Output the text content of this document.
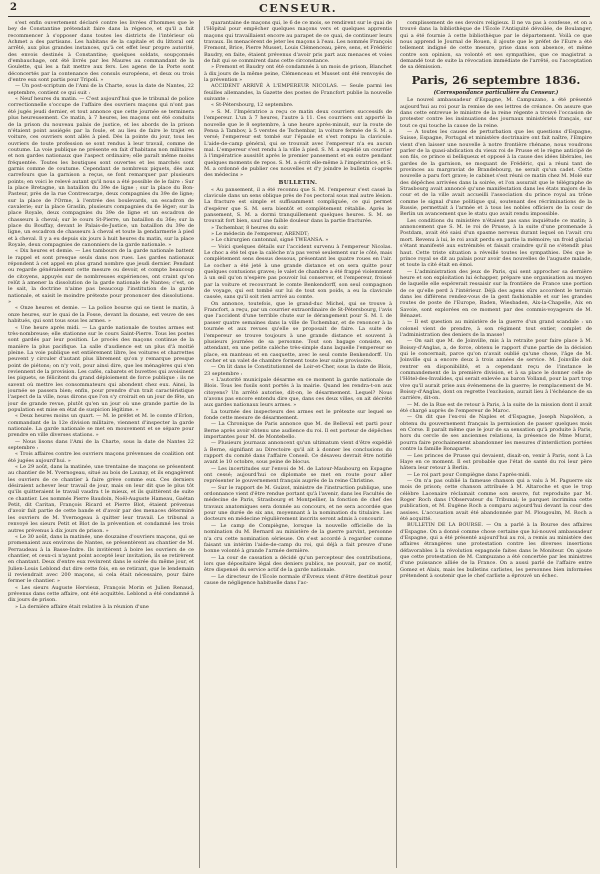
2	CENSEUR.

s'est enfin ouvertement déclaré contre les livrées d'hommes que le bey de Constantine prétendait faire dans la régence, et qu'il a fait recommencer à s'opposer dans toutes les districts de l'intérieur où Achmet a des partisans. Les habitans de la capitale et du littoral ont arrêté, aux plus grandes instances, qu'à cet effet leur propre autorité, des envois destinés à Constantine; quelques soldats, soupçonnés d'embauchage, ont été livrés par les Maures au commandant de la Goulette, qui les a fait mettre aux fers. Les agens de la Porte sont déconcertés par la contenance des consuls européens, et deux ou trois d'entre eux sont partis pour Tripoli. »

— Un post-scriptum de l'Ami de la Charte, sous la date de Nantes, 22 septembre, contient ce qui suit :

« Neuf heures du matin. — C'est aujourd'hui que le tribunal de police correctionnelle s'occupe de l'affaire des ouvriers maçons qui n'ont pas été jugés jeudi dernier, et tout annonce que cette journée se terminera plus heureusement. Ce matin, à 7 heures, les maçons ont été conduits de la prison du nouveau palais de justice, et les abords de la prison n'étaient point assiégés par la foule, et au lieu de faire le trajet en voiture, ces ouvriers sont allés à pied. Dès la pointe du jour, tous les ouvriers de toute profession se sont rendus à leur travail, comme de coutume. La voie publique ne présente en fait d'habitans non militaires et non gardes nationaux que l'aspect ordinaire; elle paraît même moins fréquentée. Toutes les boutiques sont ouvertes et les marchés sont garnis comme de coutume. Cependant de nombreux piquets, dès aux carrefours que la garnison a reçus, se font remarquer par plusieurs points; en voici le relevé autant qu'il nous a été possible de le faire : Sur la place Bretagne, un bataillon du 39e de ligne ; sur la place du Bon-Pasteur, près de la rue Contrescarpe, deux compagnies du 39e de ligne; sur la place de l'Orme, à l'entrée des boulevards, un escadron de cavalerie; sur la place Graslin, plusieurs compagnies du 6e léger; sur la place Royale, deux compagnies du 39e de ligne et un escadron de chasseurs à cheval; sur le cours St-Pierre, un bataillon du 36e; sur la place du Bouffay, devant le Palais-de-Justice, un bataillon du 39e de ligne, un escadron de chasseurs à cheval et toute la gendarmerie à pied et à cheval. Il y a eu depuis six jours à huit heures du matin, sur la place Royale, deux compagnies de canonniers de la garde nationale. »

« Dix heures et demie. — Les tambours de la garde nationale battent le rappel et sont presque seuls dans nos rues. Les gardes nationaux répondent à cet appel en plus grand nombre que jeudi dernier. Pendant ou regarde généralement cette mesure ou devoir, et compte beaucoup de citoyens, appuyés sur de nombreuses expériences, ont craint qu'on relût à amener la dissolution de la garde nationale de Nantes; c'est, on le sait, la doctrine n'aime pas beaucoup l'institution de la garde nationale, et saisit le moindre prétexte pour prononcer des dissolutions. »

« Onze heures et demie. — La police bourse qui se tient le matin, à onze heures, sur le quai de la Fosse, devant la douane, est veuve de ses habitués, qui sont tous sous les armes. »

« Une heure après midi. — La garde nationale de toutes armes est très-nombreuse; elle stationne sur le cours Saint-Pierre. Tous les postes sont gardés par leur position. Le procès des maçons continue de la manière la plus pacifique. La salle d'audience est un plus d'à moitié pleine. La voie publique est entièrement libre, les voitures et charrettes peuvent y circuler d'autant plus librement qu'on y remarque presque point de piétons; on n'y voit, pour ainsi dire, que les ménagères qui s'en reviennent de la provision. Les cafés, cabarets et buvettes qui avoisinent les piquets, se félicitent du grand déploiement de force publique : ils ne savent où mettre les consommateurs qui abondent chez eux. Ainsi, la journée se passera bien; enfin, pour prendre d'un trait caractéristique l'aspect de la ville, nous dirons que l'on s'y croirait en un jour de fête, un jour de grande revue, plutôt qu'en un jour où une grande partie de la population est mise en état de suspicion légitime. »

« Deux heures moins un quart. — M. le préfet et M. le comte d'Erlon, commandant de la 12e division militaire, viennent d'inspecter la garde nationale. La garde nationale se met en mouvement et se sépare pour prendre en ville diverses stations. »

— Nous lisons dans l'Ami de la Charte, sous la date de Nantes 22 septembre :

« Trois affaires contre les ouvriers maçons prévenues de coalition ont été jugées aujourd'hui. »

« Le 29 août, dans la matinée, une trentaine de maçons se présentent au chantier de M. Yvernogeau, situé au bois de Launay, et ils engagèrent les ouvriers de ce chantier à faire grève comme eux. Ces derniers désiraient achever leur travail de jour, mais on leur dit que le plus tôt qu'ils quitteraient le travail vaudra t le mieux, et ils quittèrent de suite ce chantier. Les nommés Pierre Baudoin, Noël-Auguste Hameau, Gaétan Petit, dit Caritan, François Ricard et Pierre Blot, étaient prévenus d'avoir fait partie de cette bande et d'avoir par des menaces déterminé les ouvriers de M. Yvernogeau à quitter leur travail. Le tribunal a renvoyé les sieurs Petit et Blot de la prévention et condamné les trois autres prévenus à dix jours de prison. »

« Le 30 août, dans la matinée, une douzaine d'ouvriers maçons, qui se promenaient aux environs de Nantes, se présentèrent au chantier de M. Perraudeau à la Basse-Indre. Ils invitèrent à boire les ouvriers de ce chantier, et ceux-ci n'ayant point accepté leur invitation, ils se retirèrent en chantant. Deux d'entre eux revinrent dans le soirée du même jour, et Julien-Louis Leblond dut dire cette fois, en se retirant, que le lendemain il reviendrait avec 200 maçons, si cela était nécessaire, pour faire fermer le chantier. »

« Les sieurs Auguste Hervieux, François Morin et Julien Renaud, prévenus dans cette affaire, ont été acquittés. Leblond a été condamné à dix jours de prison.

» La dernière affaire était relative à la réunion d'une

quarantaine de maçons qui, le 6 de ce mois, se rendirent sur le quai de l'Hôpital pour empêcher quelques maçons vers et quelques apprentis maçons qui travaillaient encore au parapet de ce quai, de continuer leurs travaux. Ils menacèrent de jeter les maçons à l'eau. Les nommés François Fremont, Brice, Pierre Musset, Louis Clémenceau, père, sens, et Frédéric Baudry, en faite, étaient prévenus d'avoir pris part aux menaces et voies de fait qui se commirent dans cette circonstance.

» Fremont et Baudry ont été condamnés à un mois de prison, Blanchet à dix jours de la même peine, Clémenceau et Musset ont été renvoyés de la prévention »

ACCIDENT ARRIVÉ À L'EMPEREUR NICOLAS. — Seule parmi les feuilles allemandes, la Gazette des postes de Francfort publie la nouvelle suivante :

« St-Pétersbourg, 12 septembre.

» S. M. l'Impératrice a reçu ce matin deux courriers successifs de l'empereur. L'un à 7 heures, l'autre à 11. Ces courriers ont apporté la nouvelle que le 8 septembre, à une heure après-minuit, sur la route de Pensa à Tambov, à 5 verstes de Tschembar, la voiture fermée de S. M. a versé; l'empereur est tombé sur l'épaule et s'est rompu la clavicule. L'aide-de-camp général, qui se trouvait avec l'empereur n'a eu aucun mal. L'empereur s'est rendu à la ville à pied. S. M. a expédié un courrier à l'impératrice aussitôt après le premier pansement et en outre pendant quelques moments de repos. S. M. a écrit elle-même à l'impératrice, et S. M. a ordonné de publier ces nouvelles et d'y joindre le bulletin ci-après des médecins »

BULLETIN.

« Au pansement, il a été reconnu que S. M. l'empereur s'est cassé la clavicule dans un sens oblique près de l'os pectoral sous mal autre lésion. La fracture est simple et suffisamment compliquée, ce qui permet d'espérer que S. M. sera bientôt et complètement rétablie. Après le pansement, S. M. a dormi tranquillement quelques heures. S. M. se trouvait fort bien, sauf une faible douleur dans la partie fracturée.

» Tschembar, 8 heures du soir.

» Le médecin de l'empereur, ARENDT;

» Le chirurgien cantonnal, signé TWEANSA. »

— Voici quelques détails sur l'accident survenu à l'empereur Nicolas. Le choc a été tel que la calèche n'a pas versé seulement sur le côté, mais complètement sens dessus dessous, présentant les quatre roues en l'air. Le cocher a été jeté à une grande distance et on sera quitte pour quelques contusions graves; le valet de chambre a été frappé violemment à un œil qu'on n'espère pas pouvoir lui conserver, et l'empereur, froissé par la voiture et recouvrant le comte Benkendorff, son seul compagnon de voyage, qui est tombé sur lui de tout son poids, a eu la clavicule cassée, sans qu'il soit rien arrivé au comte.

On annonce, toutefois, que le grand-duc Michel, qui se trouve à Francfort, a reçu, par un courrier extraordinaire de St-Pétersbourg, l'avis que l'accident d'une terrible chute sur le dérangement pour S. M. I. de passer quatre semaines dans la ville de Tschembar, et de renoncer à la tournée et aux revues qu'elle se proposait de faire. La suite de l'empereur se trouve toujours à une grande distance et souvent à plusieurs journées de sa personne. Tout son bagage consiste, en attendant, en une petite calèche très-simple dans laquelle l'empereur se place, en manteau et en casquette, avec le seul comte Benkendorff. Un cocher et un valet de chambre forment toute leur suite provisoire.

— On lit dans le Constitutionnel de Loir-et-Cher, sous la date de Blois, 23 septembre :

« L'autorité municipale désarme en ce moment la garde nationale de Blois. Tous les fusils sont portés à la mairie. Quand les rendra-t-on aux citoyens? Un arrêté autorise, dit-on, le désarmement. Lequel? Nous n'avons pas encore entendu dire que, dans ces deux villes, on ait décrété aux gardes nationaux leurs armes. »

La tournée des inspecteurs des armes est le prétexte sur lequel se fonde cette mesure de désarmement.

— La Chronique de Paris annonce que M. de Bellevaï est parti pour Berne après avoir obtenu une audience du roi. Il est porteur de dépêches importantes pour M. de Montebello.

— Plusieurs journaux annoncent qu'un ultimatum vient d'être expédié à Berne, signifiant au Directoire qu'il ait à donner les conclusions du rapport du comité dans l'affaire Conseil. Ce désaveu devrait être notifié avant le 10 octobre, sous peine de blocus.

— Les incertitudes sur l'envoi de M. de Latour-Maubourg en Espagne ont cessé; aujourd'hui ce diplomate se met en route pour aller représenter le gouvernement français auprès de la reine Christine.

— Sur le rapport de M. Guizot, ministre de l'instruction publique, une ordonnance vient d'être rendue portant qu'à l'avenir, dans les Facultés de médecine de Paris, Strasbourg et Montpellier, la fonction de chef des travaux anatomiques sera donnée au concours, et ne sera accordée que pour une durée de six ans, moyennant à la nomination du titulaire. Les docteurs en médecine régulièrement inscrits seront admis à concourir.

— Le camp de Compiègne, lorsque la nouvelle officielle de la nomination du M. Bernard au ministère de la guerre parvint, personne n'a cru cette nomination sérieuse. On s'est accordé à regarder comme faisant un intérim l'aide-de-camp du roi, qui déjà a fait preuve d'une bonne volonté à grande l'armée dernière.

— La cour de cassation a décidé qu'un percepteur des contributions, lors que dépositaire légal des deniers publics, ne pouvait, par ce motif, être dispensé du service actif de la garde nationale.

— Le directeur de l'École normale d'Évreux vient d'être destitué pour cause de négligence habituelle dans l'ac-

complissement de ses devoirs religieux. Il ne va pas à confesse, et on a trouvé dans la bibliothèque de l'École l'Antiquité dévoilée, de Boulanger, qui a été fournie à cette bibliothèque par le département. Voilà ce que nous apprend le Journal de Rouen, il ajoute que le préfet de l'Eure a été tellement indigné de cette mesure, prise dans son absence, et même contre son opinion, sa volonté et ses sympathies, que ce magistrat a demandé tout de suite la révocation immédiate de l'arrêté, ou l'acceptation de sa démission.

Paris, 26 septembre 1836.
(Correspondance particulière du Censeur.)

Le nouvel ambassadeur d'Espagne, M. Campuzano, a été présenté aujourd'hui au roi pour la remise de ses lettres de créance. On assure que dans cette entrevue le ministre de la reine régente a trouvé l'occasion de protester contre les insinuations des journaux ministériels français, sur tout ce qui touche la cause de la reine.

— A toutes les causes de perturbation que les questions d'Espagne, Suisse, Espagne, Portugal et ministère doctrinaire ont fait naître, l'Empire vient d'en laisser une nouvelle à notre frontière rhénane, nous voudrons parler de la quasi-abdication du vieux roi de Prusse et le règne anticipé de son fils, ce prince si belliqueux et opposé à la cause des idées libérales, les gardes de la garnison, se moquant de Frédéric, qui a réuni tant de provinces au margraviat de Brandebourg, ne serait qu'un cadet. Cette nouvelle a paru fort grave; le cabinet s'est réuni ce matin chez M. Molé sur des dépêches arrivées dans la soirée, et l'on assurait que le télégraphe de Strasbourg avait annoncé qu'une manifestation dans les états majors de la cour et de la ville avait accueilli l'association du prince royal au trône comme le signal d'une politique qui, soutenant des récriminations de la Russie, permettait à l'armée et à tous les nobles officiers de la cour de Berlin un avancement que le statu quo avait rendu impossible.

Les conditions du ministère n'étaient pas sans inquiétude ce matin; à annoncement que S. M. le roi de Prusse, à la suite d'une promenade à Postdam, avait été saisi d'un spasme nerveux durant lequel on l'avait cru mort. Revenu à lui, le roi avait perdu en partie la mémoire; un froid glacial s'étant manifesté aux extrémités et faisait craindre qu'il ne s'étendît plus haut. Cette triste situation a réveillé toutes les sympathies. Dès que le prince royal se dit au palais pour avoir des nouvelles de l'auguste malade, et toute la cité était en émoi.

— L'administration des jeux de Paris, qui sent approcher sa dernière heure et son exploitation lui échapper, prépare une organisation au moyen de laquelle elle espérerait ressaisir sur la frontière de France une portion de ce qu'elle perd à l'intérieur. Déjà des agens sûrs accordent le terrain dans les différens rendez-vous de la gent fashionable et sur les grandes routes de poste de l'Europe, Baden, Wiesbaden, Aix-la-Chapelle, Aix en Savoie, sont explorées en ce moment par des commis-voyageurs de M. Bénazet.

— Il est question au ministère de la guerre d'un grand scandale : un colonel vient de prendre, à son régiment tout entier, complet de l'administration des deniers de la masse!

— On sait que M. de Joinville, mis à la retraite pour faire place à M. Boissy-d'Anglas, a, de force, obtenu le rapport d'une partie de la décision qui le concernait, parce qu'on n'avait oublié qu'une chose, l'âge de M. Joinville qui a encore deux à trois années de service. M. Joinville doit rentrer en disponibilité, et a cependant reçu de l'instance le commandement de la première division, et à sa place le donner celle de l'Hôtel-des-Invalides, qui serait enlevée au baron Volland, pour la part trop vive qu'il aurait prise aux événemens de la guerre; le remplacement de M. Boissy-d'Anglas, dont on regrette l'exclusion, aurait lieu à l'échéance de sa carrière, dit-on.

— M. de la Rue est de retour à Paris, à la suite de la mission dont il avait été chargé auprès de l'empereur de Maroc.

— On dit que l'ex-roi de Naples et d'Espagne, Joseph Napoléon, a obtenu du gouvernement français la permission de passer quelques mois en Corse. Il paraît même que le jour de sa sensation qu'à produite à Paris, hors du cercle de ses anciennes relations, la présence de Mme Murat, pourra faire prochainement abandonner les mesures d'interdiction portées contre la famille Bonaparte.

— Les princes de Prusse qui devaient, disait-on, venir à Paris, sont à La Haye en ce moment. Il est probable que l'état de santé du roi leur père hâtera leur retour à Berlin.

— Le roi part pour Compiègne dans l'après-midi.

— On n'a pas oublié la fameuse chanson qui a valu à M. Paguerre six mois de prison; cette chanson attribuée à M. Altaroche et que le trop célèbre Lacenaire réclamait comme son œuvre, fut reproduite par M. Roger Roch dans l'Observateur du Tribunal; le parquet incriminа cette publication, et M. Eugène Roch a comparu aujourd'hui devant la cour des assises. L'accusation avait été abandonnée par M. Plougoulm, M. Roch a été acquitté.

BULLETIN DE LA BOURSE. — On a parlé à la Bourse des affaires d'Espagne. On a donné comme chose certaine que lui-nouvel ambassadeur d'Espagne, qui a été présenté aujourd'hui au roi, a remis au ministère des affaires étrangères une protestation contre les diverses insertions défavorables à la révolution espagnole faites dans le Moniteur. On ajoute que cette protestation de M. Campuzano a été concertée par les ministres d'une puissance alliée de la France. On a aussi parlé de l'affaire entre Gomez et Alaix, mais les bulletins carlistes, les personnes bien informées prétendent à soutenir que le chef carliste a éprouvé un échec.
